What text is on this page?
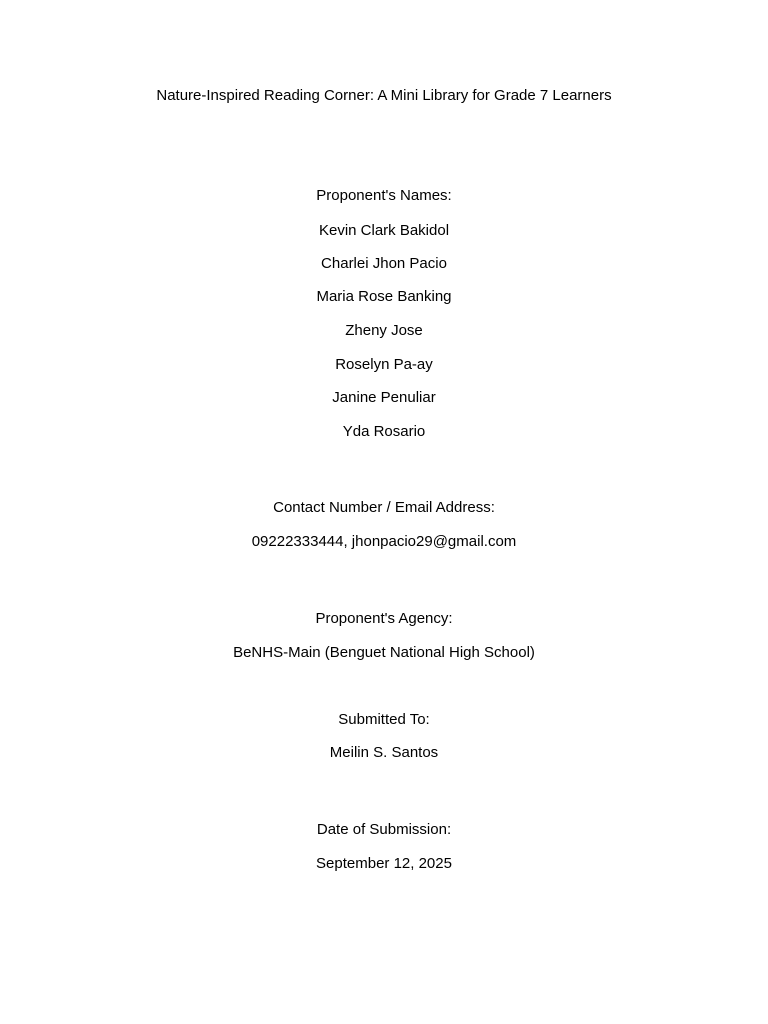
Nature-Inspired Reading Corner: A Mini Library for Grade 7 Learners
Proponent's Names:
Kevin Clark Bakidol
Charlei Jhon Pacio
Maria Rose Banking
Zheny Jose
Roselyn Pa-ay
Janine Penuliar
Yda Rosario
Contact Number / Email Address:
09222333444, jhonpacio29@gmail.com
Proponent's Agency:
BeNHS-Main (Benguet National High School)
Submitted To:
Meilin S. Santos
Date of Submission:
September 12, 2025
